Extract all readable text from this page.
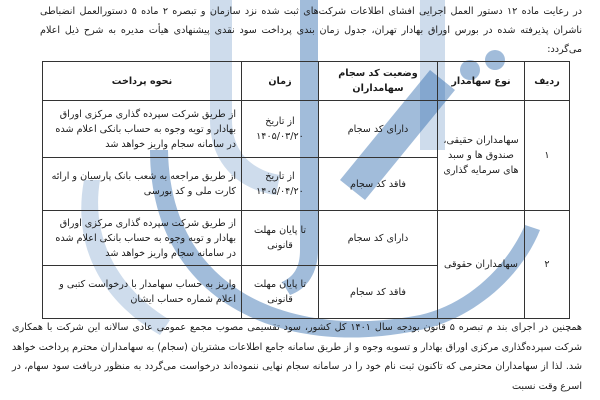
در رعایت ماده ۱۲ دستور العمل اجرایی افشای اطلاعات شرکت‌های ثبت شده نزد سازمان و تبصره ۲ ماده ۵ دستورالعمل انضباطی ناشران پذیرفته شده در بورس اوراق بهادار تهران، جدول زمان بندی پرداخت سود نقدی پیشنهادی هیأت مدیره به شرح ذیل اعلام می‌گردد:

ردیف	نوع سهامدار	وضعیت کد سجام سهامداران	زمان	نحوه پرداخت
۱	سهامداران حقیقی، صندوق ها و سبد های سرمایه گذاری	دارای کد سجام	از تاریخ ۱۴۰۵/۰۳/۲۰	از طریق شرکت سپرده گذاری مرکزی اوراق بهادار و تویه وجوه به حساب بانکی اعلام شده در سامانه سجام واریز خواهد شد
		فاقد کد سجام	از تاریخ ۱۴۰۵/۰۴/۲۰	از طریق مراجعه به شعب بانک پارسیان و ارائه کارت ملی و کد بورسی
۲	سهامداران حقوقی	دارای کد سجام	تا پایان مهلت قانونی	از طریق شرکت سپرده گذاری مرکزی اوراق بهادار و تویه وجوه به حساب بانکی اعلام شده در سامانه سجام واریز خواهد شد
		فاقد کد سجام	تا پایان مهلت قانونی	واریز به حساب سهامدار با درخواست کتبی و اعلام شماره حساب ایشان

همچنین در اجرای بند م تبصره ۵ قانون بودجه سال ۱۴۰۱ کل کشور، سود تقسیمی مصوب مجمع عمومی عادی سالانه این شرکت با همکاری شرکت سپرده‌گذاری مرکزی اوراق بهادار و تسویه وجوه و از طریق سامانه جامع اطلاعات مشتریان (سجام) به سهامداران محترم پرداخت خواهد شد. لذا از سهامداران محترمی که تاکنون ثبت نام خود را در سامانه سجام نهایی ننموده‌اند درخواست می‌گردد به منظور دریافت سود سهام، در اسرع وقت نسبت
